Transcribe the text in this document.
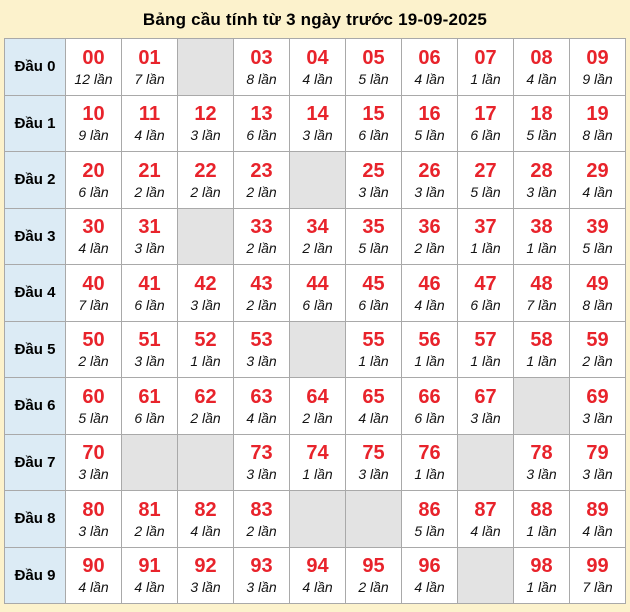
Bảng cầu tính từ 3 ngày trước 19-09-2025
Đầu 0	00
12 lần

01
7 lần

03
8 lần

04
4 lần

05
5 lần

06
4 lần

07
1 lần

08
4 lần

09
9 lần

Đầu 1	10
9 lần

11
4 lần

12
3 lần

13
6 lần

14
3 lần

15
6 lần

16
5 lần

17
6 lần

18
5 lần

19
8 lần

Đầu 2	20
6 lần

21
2 lần

22
2 lần

23
2 lần

25
3 lần

26
3 lần

27
5 lần

28
3 lần

29
4 lần

Đầu 3	30
4 lần

31
3 lần

33
2 lần

34
2 lần

35
5 lần

36
2 lần

37
1 lần

38
1 lần

39
5 lần

Đầu 4	40
7 lần

41
6 lần

42
3 lần

43
2 lần

44
6 lần

45
6 lần

46
4 lần

47
6 lần

48
7 lần

49
8 lần

Đầu 5	50
2 lần

51
3 lần

52
1 lần

53
3 lần

55
1 lần

56
1 lần

57
1 lần

58
1 lần

59
2 lần

Đầu 6	60
5 lần

61
6 lần

62
2 lần

63
4 lần

64
2 lần

65
4 lần

66
6 lần

67
3 lần

69
3 lần

Đầu 7	70
3 lần

73
3 lần

74
1 lần

75
3 lần

76
1 lần

78
3 lần

79
3 lần

Đầu 8	80
3 lần

81
2 lần

82
4 lần

83
2 lần

86
5 lần

87
4 lần

88
1 lần

89
4 lần

Đầu 9	90
4 lần

91
4 lần

92
3 lần

93
3 lần

94
4 lần

95
2 lần

96
4 lần

98
1 lần

99
7 lần
